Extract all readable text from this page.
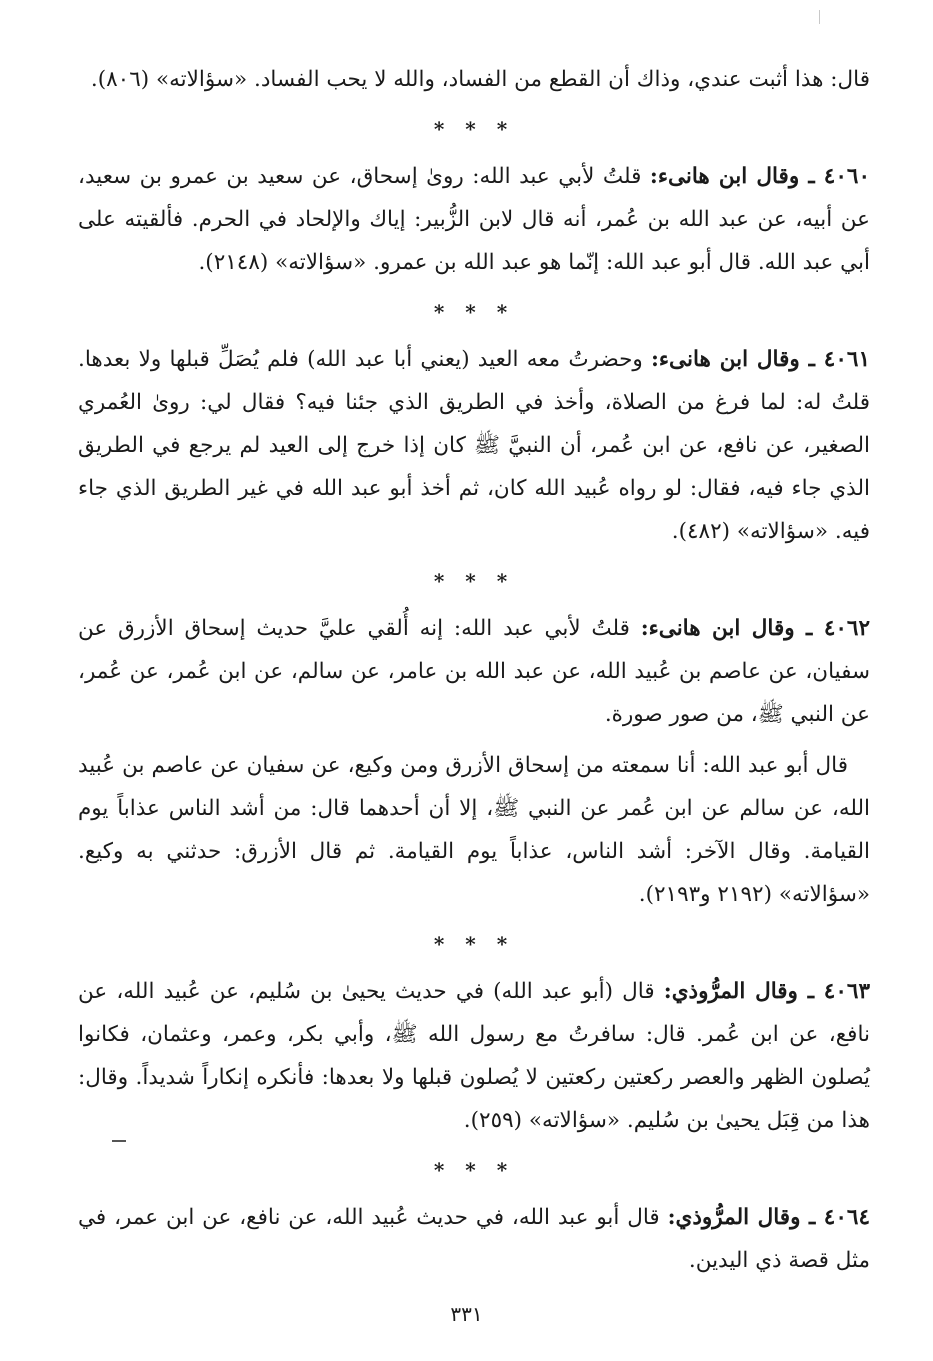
قال: هذا أثبت عندي، وذاك أن القطع من الفساد، والله لا يحب الفساد. «سؤالاته» (٨٠٦).

* * *

٤٠٦٠ ـ وقال ابن هانىء: قلتُ لأبي عبد الله: روىٰ إسحاق، عن سعيد بن عمرو بن سعيد، عن أبيه، عن عبد الله بن عُمر، أنه قال لابن الزُّبير: إياك والإلحاد في الحرم. فألقيته على أبي عبد الله. قال أبو عبد الله: إنّما هو عبد الله بن عمرو. «سؤالاته» (٢١٤٨).

* * *

٤٠٦١ ـ وقال ابن هانىء: وحضرتُ معه العيد (يعني أبا عبد الله) فلم يُصَلِّ قبلها ولا بعدها. قلتُ له: لما فرغ من الصلاة، وأخذ في الطريق الذي جئنا فيه؟ فقال لي: روىٰ العُمري الصغير، عن نافع، عن ابن عُمر، أن النبيَّ ﷺ كان إذا خرج إلى العيد لم يرجع في الطريق الذي جاء فيه، فقال: لو رواه عُبيد الله كان، ثم أخذ أبو عبد الله في غير الطريق الذي جاء فيه. «سؤالاته» (٤٨٢).

* * *

٤٠٦٢ ـ وقال ابن هانىء: قلتُ لأبي عبد الله: إنه أُلقي عليَّ حديث إسحاق الأزرق عن سفيان، عن عاصم بن عُبيد الله، عن عبد الله بن عامر، عن سالم، عن ابن عُمر، عن عُمر، عن النبي ﷺ، من صور صورة.

قال أبو عبد الله: أنا سمعته من إسحاق الأزرق ومن وكيع، عن سفيان عن عاصم بن عُبيد الله، عن سالم عن ابن عُمر عن النبي ﷺ، إلا أن أحدهما قال: من أشد الناس عذاباً يوم القيامة. وقال الآخر: أشد الناس، عذاباً يوم القيامة. ثم قال الأزرق: حدثني به وكيع. «سؤالاته» (٢١٩٢ و٢١٩٣).

* * *

٤٠٦٣ ـ وقال المرُّوذي: قال (أبو عبد الله) في حديث يحيىٰ بن سُليم، عن عُبيد الله، عن نافع، عن ابن عُمر. قال: سافرتُ مع رسول الله ﷺ، وأبي بكر، وعمر، وعثمان، فكانوا يُصلون الظهر والعصر ركعتين ركعتين لا يُصلون قبلها ولا بعدها: فأنكره إنكاراً شديداً. وقال: هذا من قِبَل يحيىٰ بن سُليم. «سؤالاته» (٢٥٩).

* * *

٤٠٦٤ ـ وقال المرُّوذي: قال أبو عبد الله، في حديث عُبيد الله، عن نافع، عن ابن عمر، في مثل قصة ذي اليدين.

٣٣١
